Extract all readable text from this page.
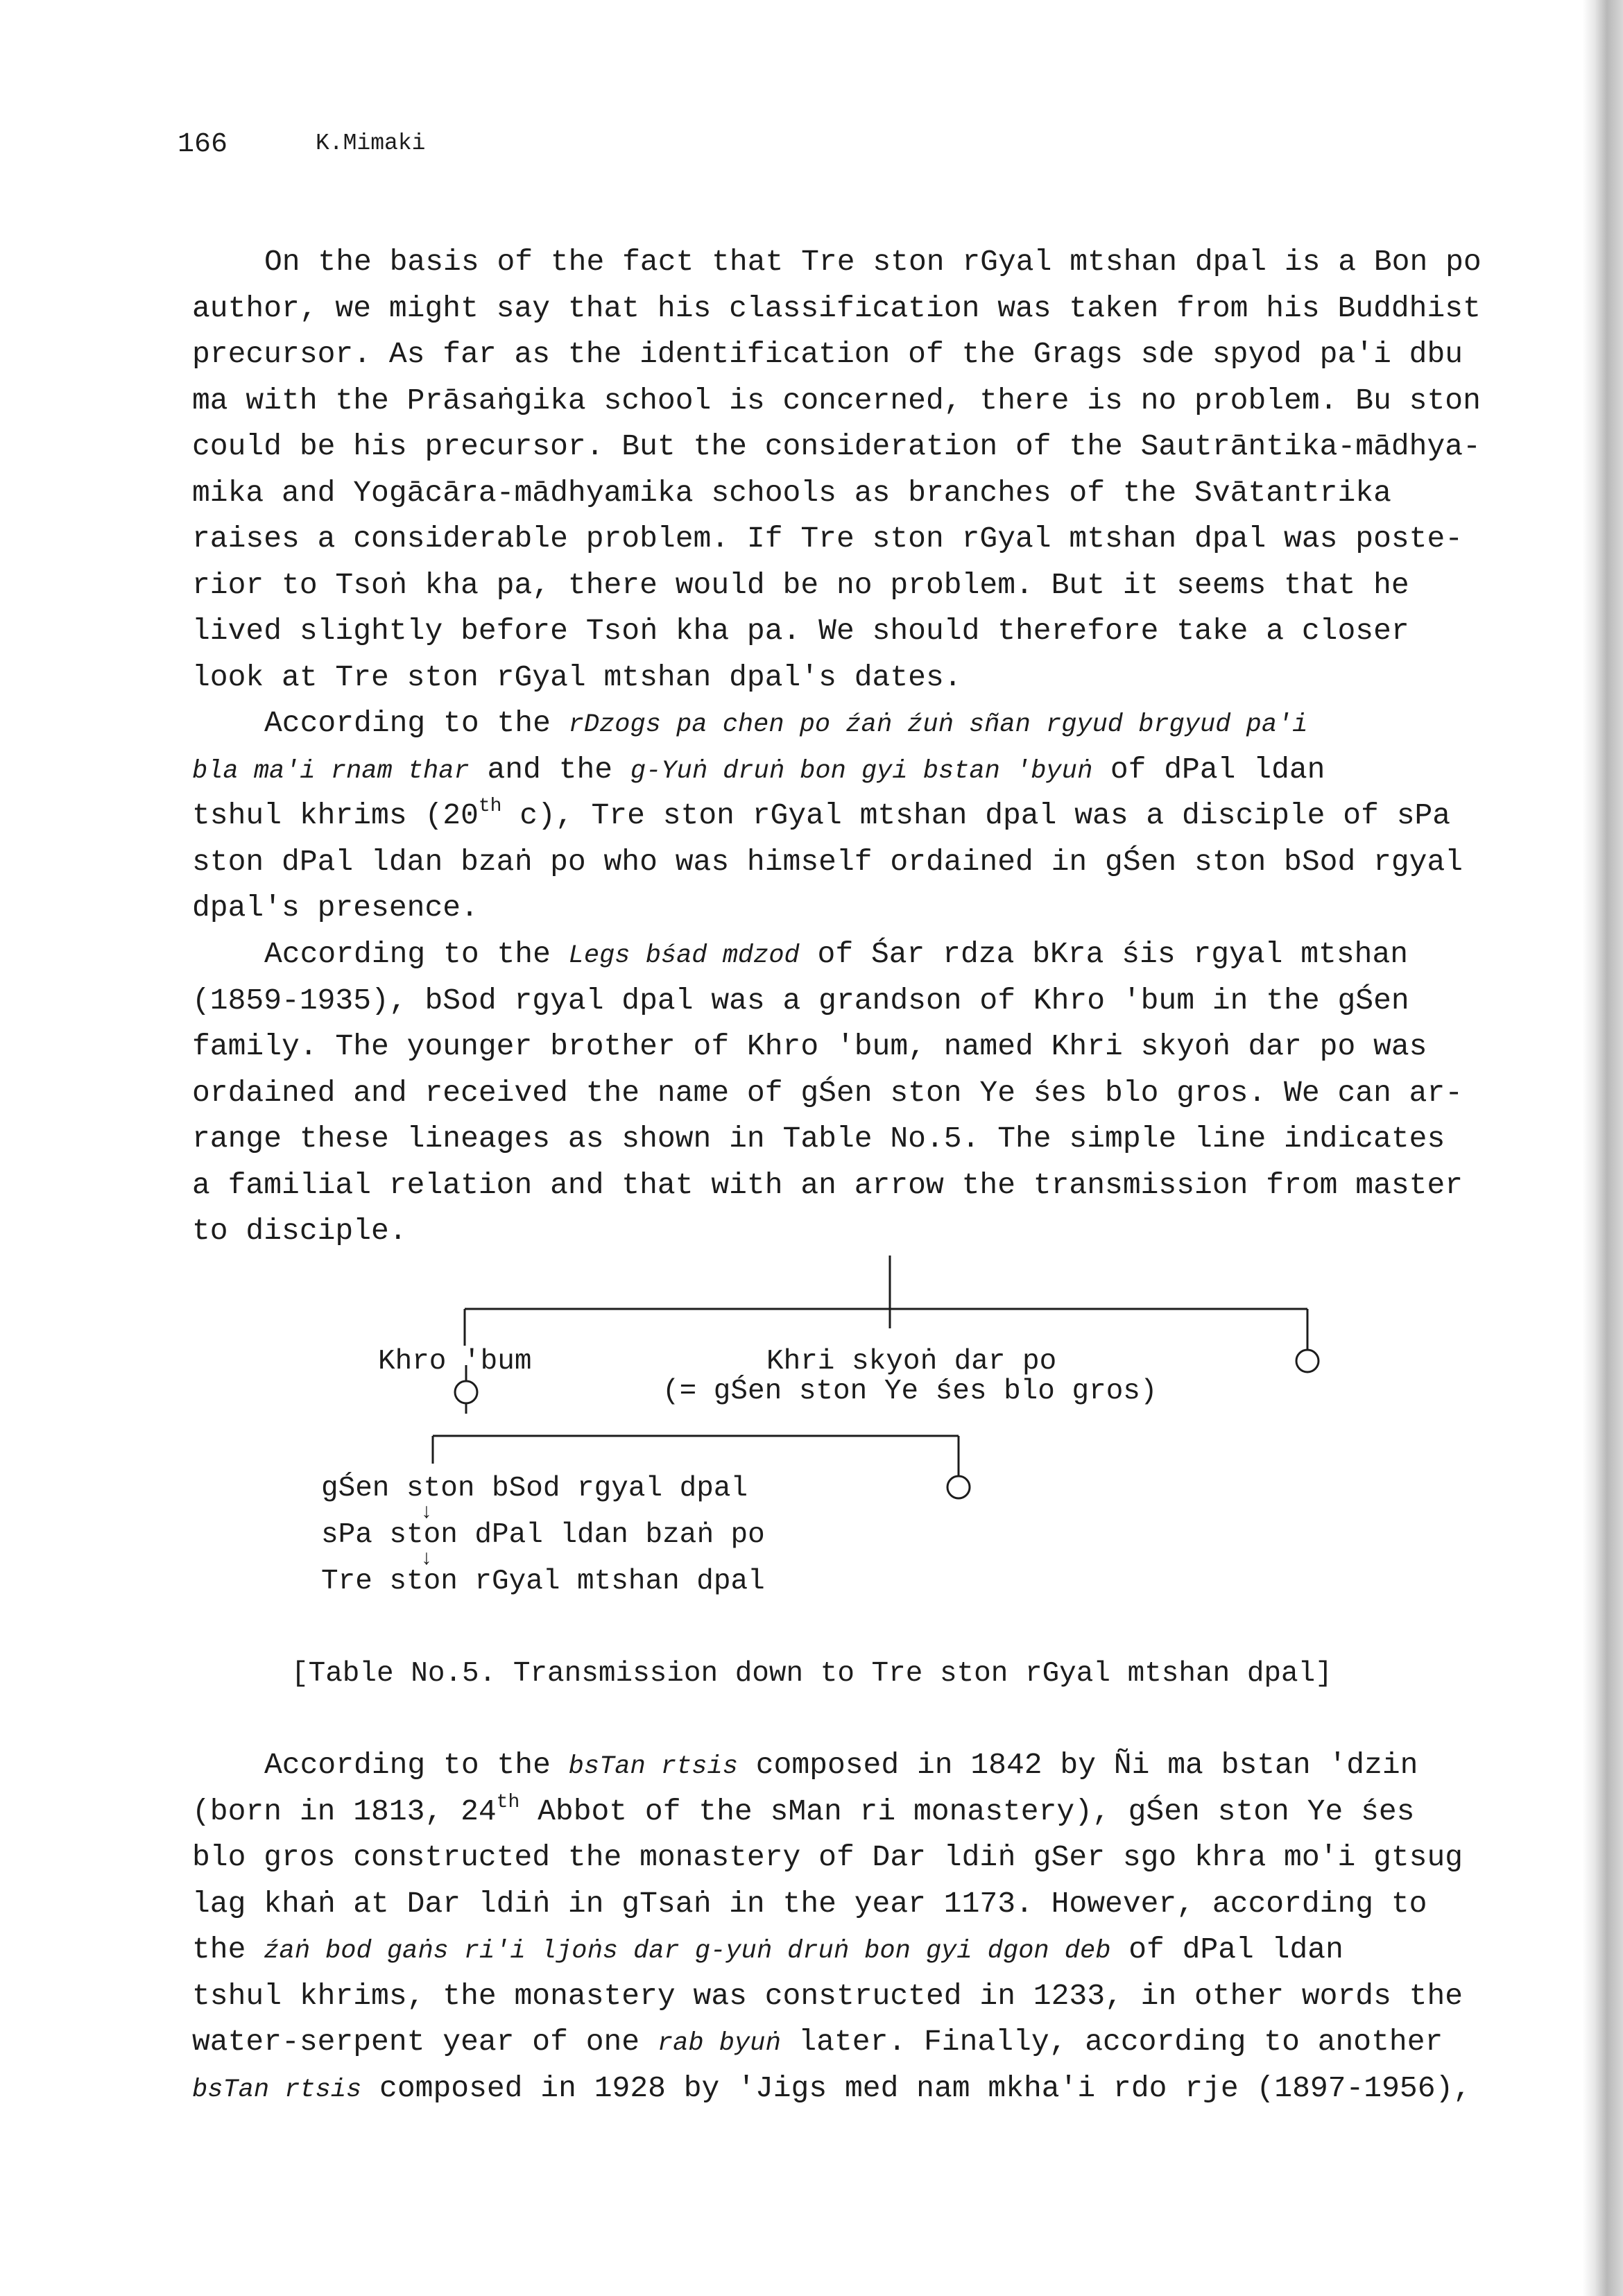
166	K.Mimaki
On the basis of the fact that Tre ston rGyal mtshan dpal is a Bon po
author, we might say that his classification was taken from his Buddhist
precursor. As far as the identification of the Grags sde spyod pa'i dbu
ma with the Prāsaṅgika school is concerned, there is no problem. Bu ston
could be his precursor. But the consideration of the Sautrāntika-mādhya-
mika and Yogācāra-mādhyamika schools as branches of the Svātantrika
raises a considerable problem. If Tre ston rGyal mtshan dpal was poste-
rior to Tsoṅ kha pa, there would be no problem. But it seems that he
lived slightly before Tsoṅ kha pa. We should therefore take a closer
look at Tre ston rGyal mtshan dpal's dates.
According to the rDzogs pa chen po źaṅ źuṅ sñan rgyud brgyud pa'i
bla ma'i rnam thar and the g-Yuṅ druṅ bon gyi bstan 'byuṅ of dPal ldan
tshul khrims (20th c), Tre ston rGyal mtshan dpal was a disciple of sPa
ston dPal ldan bzaṅ po who was himself ordained in gŚen ston bSod rgyal
dpal's presence.
According to the Legs bśad mdzod of Śar rdza bKra śis rgyal mtshan
(1859-1935), bSod rgyal dpal was a grandson of Khro 'bum in the gŚen
family. The younger brother of Khro 'bum, named Khri skyoṅ dar po was
ordained and received the name of gŚen ston Ye śes blo gros. We can ar-
range these lineages as shown in Table No.5. The simple line indicates
a familial relation and that with an arrow the transmission from master
to disciple.
Khro 'bum	Khri skyoṅ dar po
(= gŚen ston Ye śes blo gros)
gŚen ston bSod rgyal dpal
↓
sPa ston dPal ldan bzaṅ po
↓
Tre ston rGyal mtshan dpal
[Table No.5. Transmission down to Tre ston rGyal mtshan dpal]
According to the bsTan rtsis composed in 1842 by Ñi ma bstan 'dzin
(born in 1813, 24th Abbot of the sMan ri monastery), gŚen ston Ye śes
blo gros constructed the monastery of Dar ldiṅ gSer sgo khra mo'i gtsug
lag khaṅ at Dar ldiṅ in gTsaṅ in the year 1173. However, according to
the źaṅ bod gaṅs ri'i ljoṅs dar g-yuṅ druṅ bon gyi dgon deb of dPal ldan
tshul khrims, the monastery was constructed in 1233, in other words the
water-serpent year of one rab byuṅ later. Finally, according to another
bsTan rtsis composed in 1928 by 'Jigs med nam mkha'i rdo rje (1897-1956),
